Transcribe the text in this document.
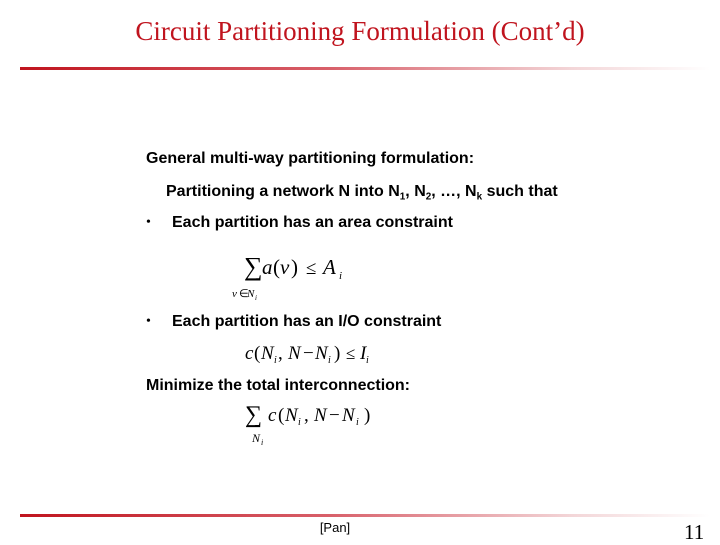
Circuit Partitioning Formulation (Cont’d)
General multi-way partitioning formulation:
Partitioning a network N into $N_1$, $N_2$, …, $N_k$ such that
• Each partition has an area constraint
∑ a ( v ) ≤ A i
v ∈
N i
• Each partition has an I/O constraint
c ( N i , N − N i ) ≤ I i
Minimize the total interconnection:
∑ c ( N i , N − N i )
N i
[Pan]	11
